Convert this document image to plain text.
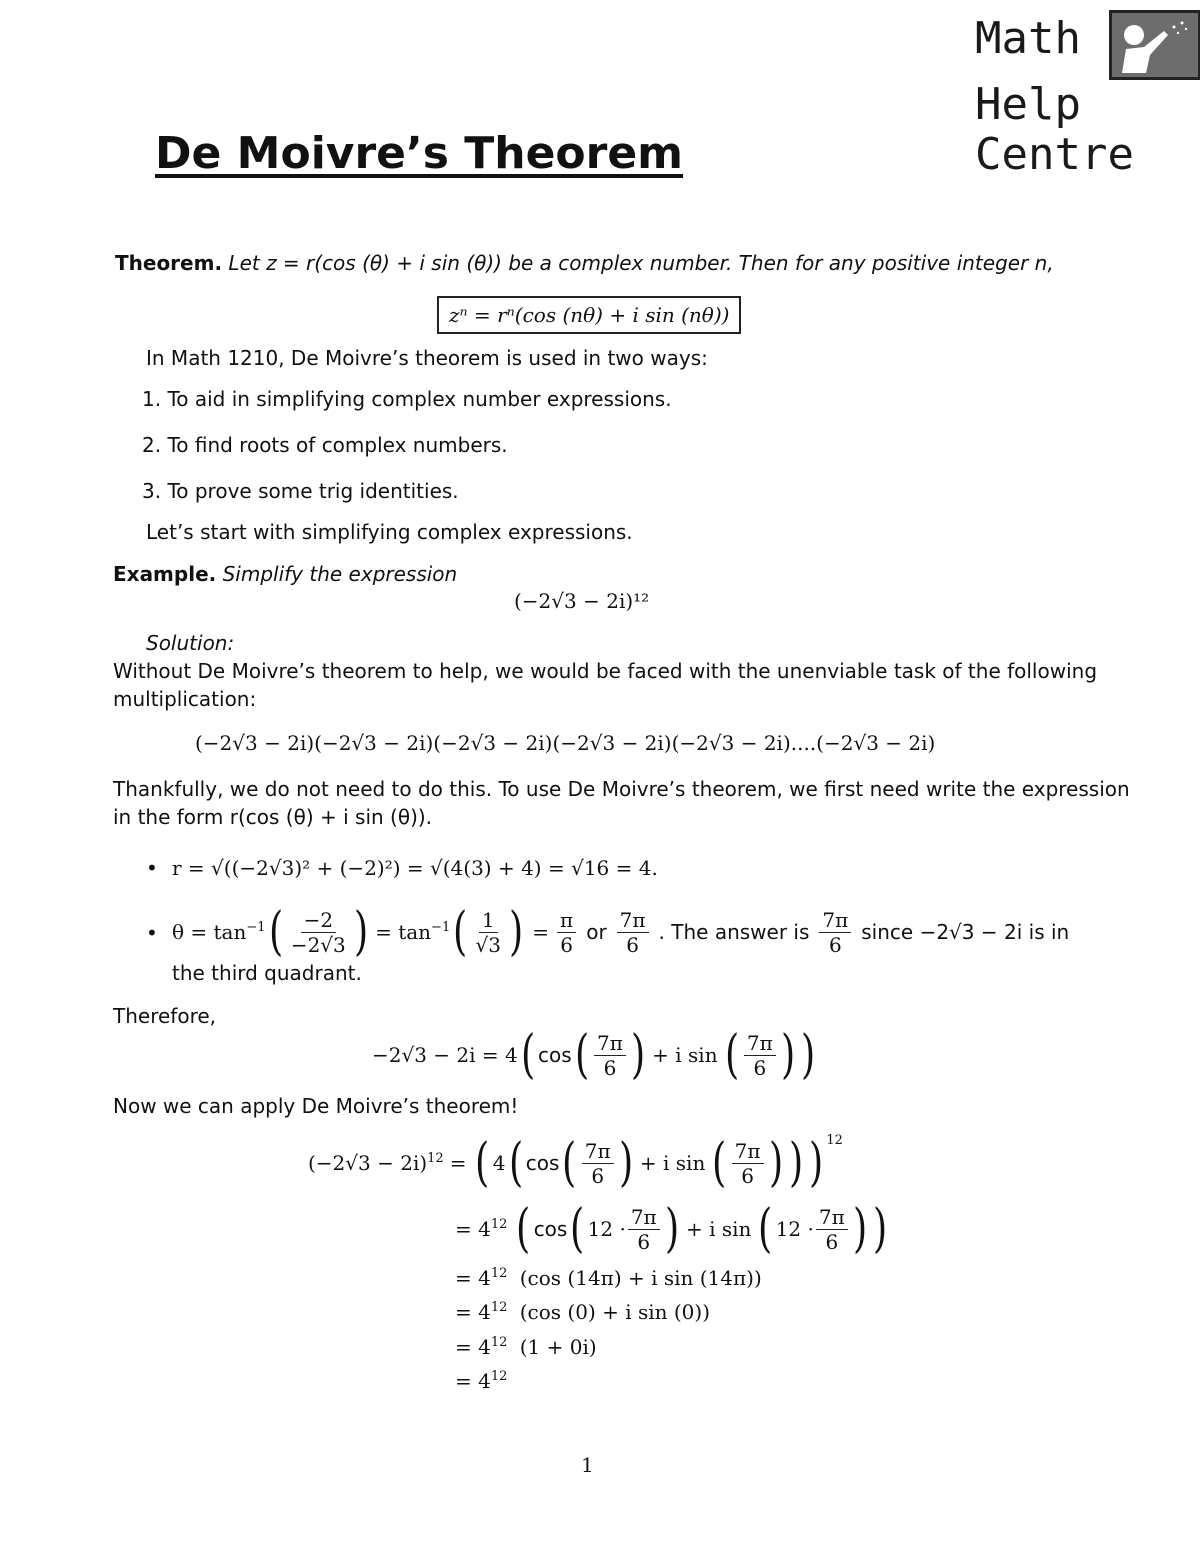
Math
Help Centre
De Moivre’s Theorem
Theorem. Let z = r(cos (θ) + i sin (θ)) be a complex number. Then for any positive integer n,
zⁿ = rⁿ(cos (nθ) + i sin (nθ))
In Math 1210, De Moivre’s theorem is used in two ways:
1. To aid in simplifying complex number expressions.
2. To find roots of complex numbers.
3. To prove some trig identities.
Let’s start with simplifying complex expressions.
Example. Simplify the expression
(−2√3 − 2i)¹²
Solution:
Without De Moivre’s theorem to help, we would be faced with the unenviable task of the following
multiplication:
(−2√3 − 2i)(−2√3 − 2i)(−2√3 − 2i)(−2√3 − 2i)(−2√3 − 2i)....(−2√3 − 2i)
Thankfully, we do not need to do this. To use De Moivre’s theorem, we first need write the expression
in the form r(cos (θ) + i sin (θ)).
• r = √((−2√3)² + (−2)²) = √(4(3) + 4) = √16 = 4.
• $\theta = \tan^{-1}$ ( $\frac{-2}{-2√3}$ ) = $\tan^{-1}$ ( $\frac{1}{√3}$ ) = $\frac{\pi}{6}$ or $\frac{7\pi}{6}$ . The answer is $\frac{7\pi}{6}$ since −2√3 − 2i is in
the third quadrant.
Therefore,
−2√3 − 2i = 4 ( cos ( $\frac{7\pi}{6}$ ) + i sin ( $\frac{7\pi}{6}$ ) )
Now we can apply De Moivre’s theorem!
$(-2√3 - 2i)^{12}$ = ( 4 ( cos ( $\frac{7\pi}{6}$ ) + i sin ( $\frac{7\pi}{6}$ ) ) )$^{12}$
= $4^{12}$ ( cos ( $12 \cdot \frac{7\pi}{6}$ ) + i sin ( $12 \cdot \frac{7\pi}{6}$ ) )
= $4^{12}$ (cos (14π) + i sin (14π))
= $4^{12}$ (cos (0) + i sin (0))
= $4^{12}$ (1 + 0i)
= $4^{12}$
1
